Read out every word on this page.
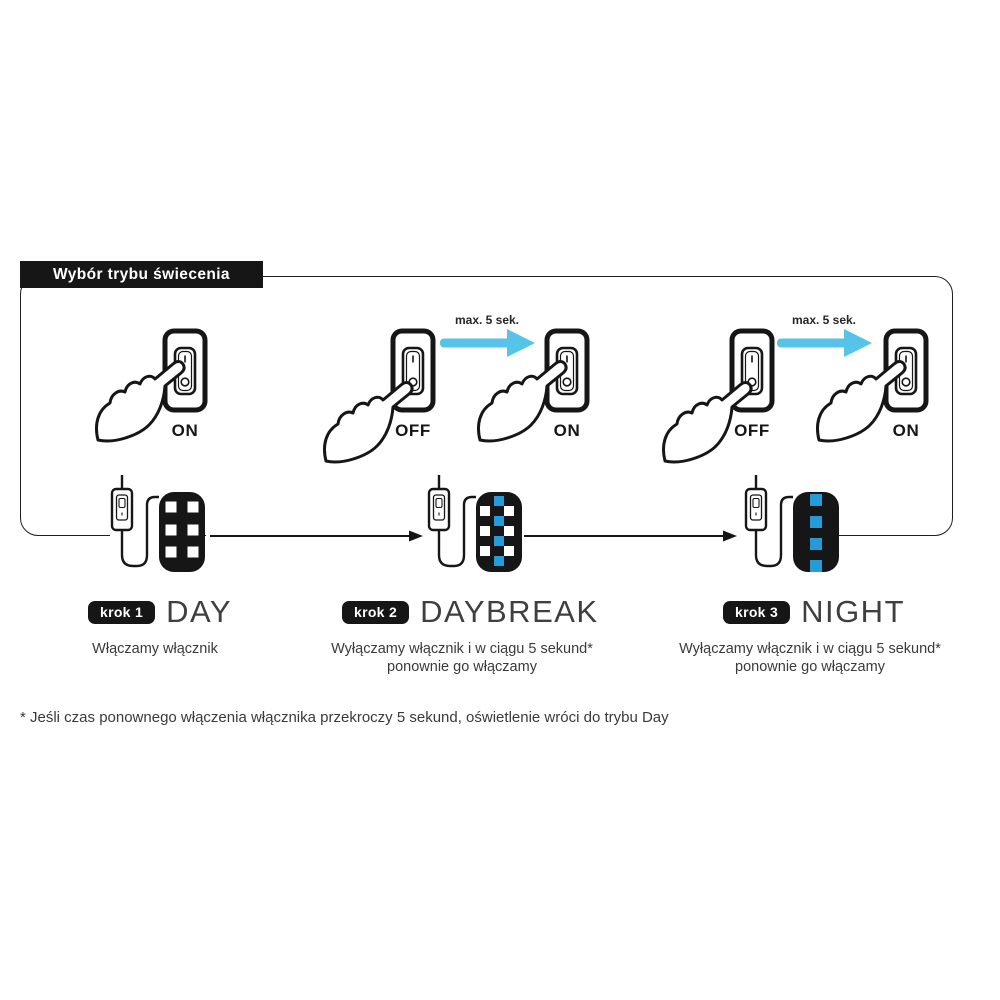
Wybór trybu świecenia
ON	OFF
max. 5 sek.
ON	OFF
max. 5 sek.
ON
krok 1 DAY	krok 2 DAYBREAK	krok 3 NIGHT
Włączamy włącznik	Wyłączamy włącznik i w ciągu 5 sekund*
ponownie go włączamy
Wyłączamy włącznik i w ciągu 5 sekund*
ponownie go włączamy
* Jeśli czas ponownego włączenia włącznika przekroczy 5 sekund, oświetlenie wróci do trybu Day
